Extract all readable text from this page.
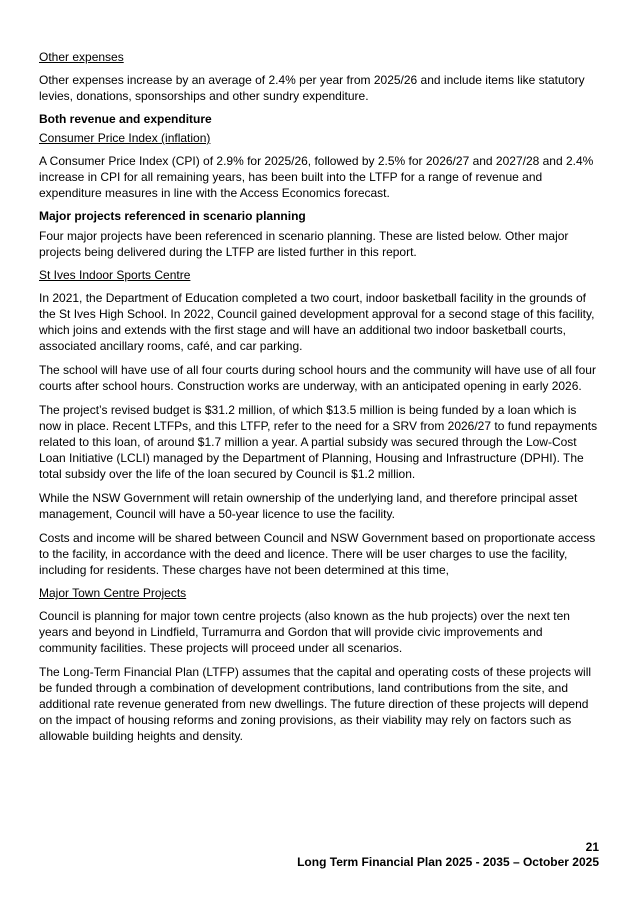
Other expenses

Other expenses increase by an average of 2.4% per year from 2025/26 and include items like statutory levies, donations, sponsorships and other sundry expenditure.

Both revenue and expenditure
Consumer Price Index (inflation)

A Consumer Price Index (CPI) of 2.9% for 2025/26, followed by 2.5% for 2026/27 and 2027/28 and 2.4% increase in CPI for all remaining years, has been built into the LTFP for a range of revenue and expenditure measures in line with the Access Economics forecast.

Major projects referenced in scenario planning

Four major projects have been referenced in scenario planning. These are listed below. Other major projects being delivered during the LTFP are listed further in this report.

St Ives Indoor Sports Centre

In 2021, the Department of Education completed a two court, indoor basketball facility in the grounds of the St Ives High School. In 2022, Council gained development approval for a second stage of this facility, which joins and extends with the first stage and will have an additional two indoor basketball courts, associated ancillary rooms, café, and car parking.

The school will have use of all four courts during school hours and the community will have use of all four courts after school hours. Construction works are underway, with an anticipated opening in early 2026.

The project’s revised budget is $31.2 million, of which $13.5 million is being funded by a loan which is now in place. Recent LTFPs, and this LTFP, refer to the need for a SRV from 2026/27 to fund repayments related to this loan, of around $1.7 million a year. A partial subsidy was secured through the Low-Cost Loan Initiative (LCLI) managed by the Department of Planning, Housing and Infrastructure (DPHI). The total subsidy over the life of the loan secured by Council is $1.2 million.

While the NSW Government will retain ownership of the underlying land, and therefore principal asset management, Council will have a 50-year licence to use the facility.

Costs and income will be shared between Council and NSW Government based on proportionate access to the facility, in accordance with the deed and licence. There will be user charges to use the facility, including for residents. These charges have not been determined at this time,

Major Town Centre Projects

Council is planning for major town centre projects (also known as the hub projects) over the next ten years and beyond in Lindfield, Turramurra and Gordon that will provide civic improvements and community facilities. These projects will proceed under all scenarios.

The Long-Term Financial Plan (LTFP) assumes that the capital and operating costs of these projects will be funded through a combination of development contributions, land contributions from the site, and additional rate revenue generated from new dwellings. The future direction of these projects will depend on the impact of housing reforms and zoning provisions, as their viability may rely on factors such as allowable building heights and density.

21
Long Term Financial Plan 2025 - 2035 – October 2025
